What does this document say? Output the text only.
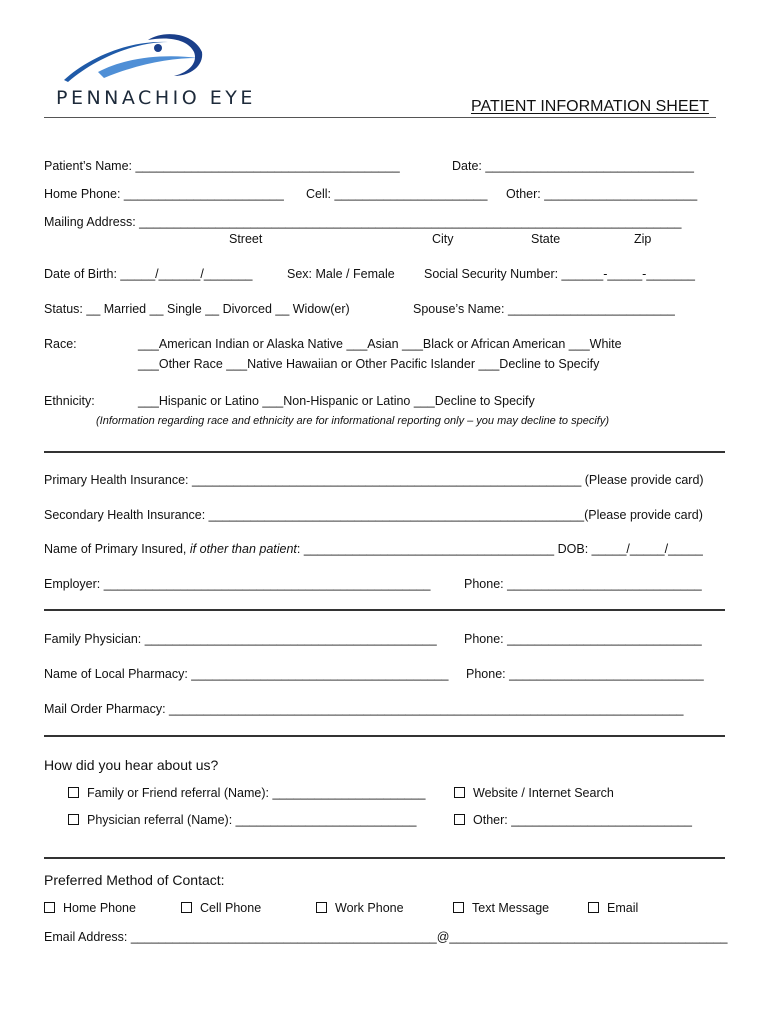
PENNACHIO EYE	PATIENT INFORMATION SHEET
Patient’s Name: ______________________________________	Date: ______________________________
Home Phone: _______________________ Cell: ______________________ Other: ______________________
Mailing Address: ______________________________________________________________________________
Street	City	State	Zip
Date of Birth: _____/______/_______	Sex: Male / Female Social Security Number: ______-_____-_______
Status: __ Married __ Single __ Divorced __ Widow(er)	Spouse’s Name: ________________________
Race:	___American Indian or Alaska Native ___Asian ___Black or African American ___White
___Other Race ___Native Hawaiian or Other Pacific Islander ___Decline to Specify
Ethnicity:	___Hispanic or Latino ___Non-Hispanic or Latino ___Decline to Specify
(Information regarding race and ethnicity are for informational reporting only – you may decline to specify)
Primary Health Insurance: ________________________________________________________ (Please provide card)
Secondary Health Insurance: ______________________________________________________(Please provide card)
Name of Primary Insured, if other than patient: ____________________________________ DOB: _____/_____/_____
Employer: _______________________________________________	Phone: ____________________________
Family Physician: __________________________________________ Phone: ____________________________
Name of Local Pharmacy: _____________________________________ Phone: ____________________________
Mail Order Pharmacy: __________________________________________________________________________
How did you hear about us?
Family or Friend referral (Name): ______________________	Website / Internet Search
Physician referral (Name): __________________________	Other: __________________________
Preferred Method of Contact:
Home Phone	Cell Phone	Work Phone	Text Message	Email
Email Address: ____________________________________________@________________________________________
